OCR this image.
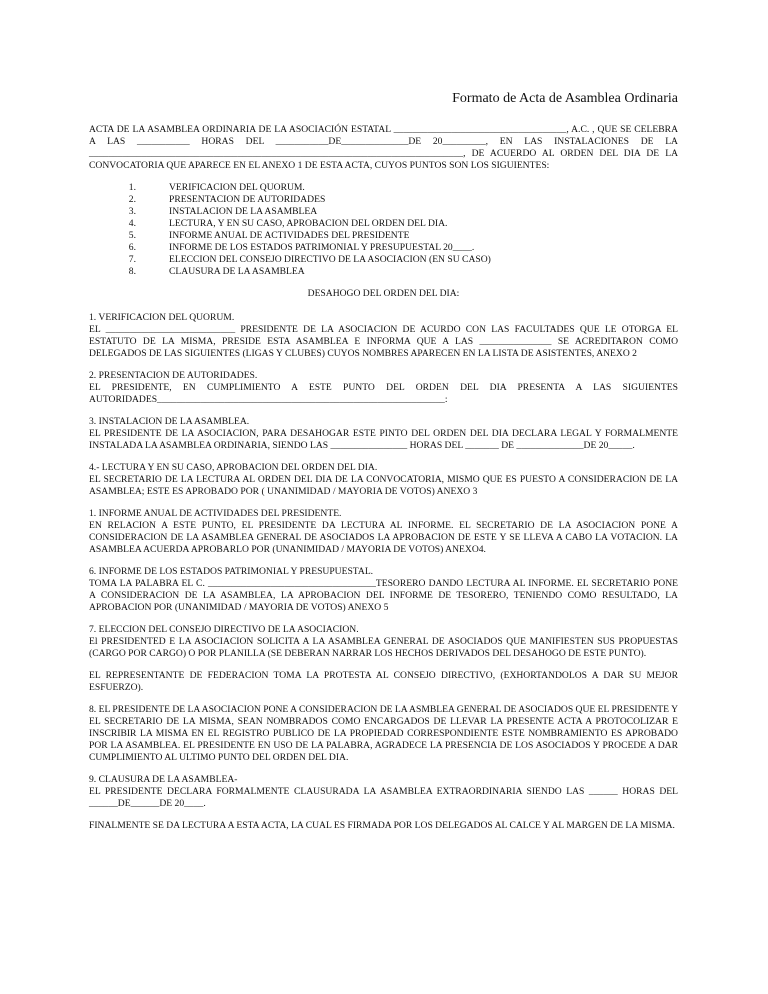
Formato de Acta de Asamblea Ordinaria

ACTA DE LA ASAMBLEA ORDINARIA DE LA ASOCIACIÓN ESTATAL ____________________________________, A.C. , QUE SE CELEBRA A LAS ___________ HORAS DEL ___________DE______________DE 20_________, EN LAS INSTALACIONES DE LA ______________________________________________________________________________, DE ACUERDO AL ORDEN DEL DIA DE LA CONVOCATORIA QUE APARECE EN EL ANEXO 1 DE ESTA ACTA, CUYOS PUNTOS SON LOS SIGUIENTES:

1.	VERIFICACION DEL QUORUM.
2.	PRESENTACION DE AUTORIDADES
3.	INSTALACION DE LA ASAMBLEA
4.	LECTURA, Y EN SU CASO, APROBACION DEL ORDEN DEL DIA.
5.	INFORME ANUAL DE ACTIVIDADES DEL PRESIDENTE
6.	INFORME DE LOS ESTADOS PATRIMONIAL Y PRESUPUESTAL 20____.
7.	ELECCION DEL CONSEJO DIRECTIVO DE LA ASOCIACION (EN SU CASO)
8.	CLAUSURA DE LA ASAMBLEA
DESAHOGO DEL ORDEN DEL DIA:
1. VERIFICACION DEL QUORUM.
EL ___________________________ PRESIDENTE DE LA ASOCIACION DE ACURDO CON LAS FACULTADES QUE LE OTORGA EL ESTATUTO DE LA MISMA, PRESIDE ESTA ASAMBLEA E INFORMA QUE A LAS _______________ SE ACREDITARON COMO DELEGADOS DE LAS SIGUIENTES (LIGAS Y CLUBES) CUYOS NOMBRES APARECEN EN LA LISTA DE ASISTENTES, ANEXO 2
2. PRESENTACION DE AUTORIDADES.
EL PRESIDENTE, EN CUMPLIMIENTO A ESTE PUNTO DEL ORDEN DEL DIA PRESENTA A LAS SIGUIENTES AUTORIDADES____________________________________________________________:
3. INSTALACION DE LA ASAMBLEA.
EL PRESIDENTE DE LA ASOCIACION, PARA DESAHOGAR ESTE PINTO DEL ORDEN DEL DIA DECLARA LEGAL Y FORMALMENTE INSTALADA LA ASAMBLEA ORDINARIA, SIENDO LAS ________________ HORAS DEL _______ DE ______________DE 20_____.
4.- LECTURA Y EN SU CASO, APROBACION DEL ORDEN DEL DIA.
EL SECRETARIO DE LA LECTURA AL ORDEN DEL DIA DE LA CONVOCATORIA, MISMO QUE ES PUESTO A CONSIDERACION DE LA ASAMBLEA; ESTE ES APROBADO POR ( UNANIMIDAD / MAYORIA DE VOTOS) ANEXO 3
1. INFORME ANUAL DE ACTIVIDADES DEL PRESIDENTE.
EN RELACION A ESTE PUNTO, EL PRESIDENTE DA LECTURA AL INFORME. EL SECRETARIO DE LA ASOCIACION PONE A CONSIDERACION DE LA ASAMBLEA GENERAL DE ASOCIADOS LA APROBACION DE ESTE Y SE LLEVA A CABO LA VOTACION. LA ASAMBLEA ACUERDA APROBARLO POR (UNANIMIDAD / MAYORIA DE VOTOS) ANEXO4.
6. INFORME DE LOS ESTADOS PATRIMONIAL Y PRESUPUESTAL.
TOMA LA PALABRA EL C. ___________________________________TESORERO DANDO LECTURA AL INFORME. EL SECRETARIO PONE A CONSIDERACION DE LA ASAMBLEA, LA APROBACION DEL INFORME DE TESORERO, TENIENDO COMO RESULTADO, LA APROBACION POR (UNANIMIDAD / MAYORIA DE VOTOS) ANEXO 5
7. ELECCION DEL CONSEJO DIRECTIVO DE LA ASOCIACION.
El PRESIDENTED E LA ASOCIACION SOLICITA A LA ASAMBLEA GENERAL DE ASOCIADOS QUE MANIFIESTEN SUS PROPUESTAS (CARGO POR CARGO) O POR PLANILLA (SE DEBERAN NARRAR LOS HECHOS DERIVADOS DEL DESAHOGO DE ESTE PUNTO).
EL REPRESENTANTE DE FEDERACION TOMA LA PROTESTA AL CONSEJO DIRECTIVO, (EXHORTANDOLOS A DAR SU MEJOR ESFUERZO).
8. EL PRESIDENTE DE LA ASOCIACION PONE A CONSIDERACION DE LA ASMBLEA GENERAL DE ASOCIADOS QUE EL PRESIDENTE Y EL SECRETARIO DE LA MISMA, SEAN NOMBRADOS COMO ENCARGADOS DE LLEVAR LA PRESENTE ACTA A PROTOCOLIZAR E INSCRIBIR LA MISMA EN EL REGISTRO PUBLICO DE LA PROPIEDAD CORRESPONDIENTE ESTE NOMBRAMIENTO ES APROBADO POR LA ASAMBLEA. EL PRESIDENTE EN USO DE LA PALABRA, AGRADECE LA PRESENCIA DE LOS ASOCIADOS Y PROCEDE A DAR CUMPLIMIENTO AL ULTIMO PUNTO DEL ORDEN DEL DIA.
9. CLAUSURA DE LA ASAMBLEA-
EL PRESIDENTE DECLARA FORMALMENTE CLAUSURADA LA ASAMBLEA EXTRAORDINARIA SIENDO LAS ______ HORAS DEL ______DE______DE 20____.
FINALMENTE SE DA LECTURA A ESTA ACTA, LA CUAL ES FIRMADA POR LOS DELEGADOS AL CALCE Y AL MARGEN DE LA MISMA.
